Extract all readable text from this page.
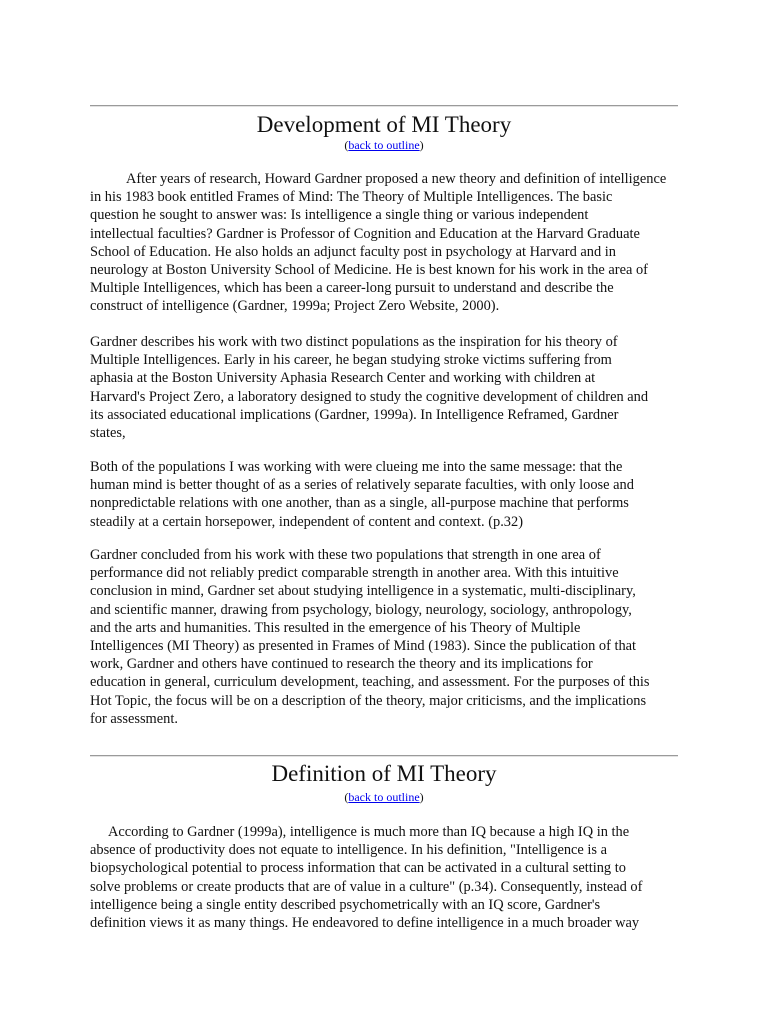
Development of MI Theory
(back to outline)

After years of research, Howard Gardner proposed a new theory and definition of intelligence
in his 1983 book entitled Frames of Mind: The Theory of Multiple Intelligences. The basic
question he sought to answer was: Is intelligence a single thing or various independent
intellectual faculties? Gardner is Professor of Cognition and Education at the Harvard Graduate
School of Education. He also holds an adjunct faculty post in psychology at Harvard and in
neurology at Boston University School of Medicine. He is best known for his work in the area of
Multiple Intelligences, which has been a career-long pursuit to understand and describe the
construct of intelligence (Gardner, 1999a; Project Zero Website, 2000).

Gardner describes his work with two distinct populations as the inspiration for his theory of
Multiple Intelligences. Early in his career, he began studying stroke victims suffering from
aphasia at the Boston University Aphasia Research Center and working with children at
Harvard's Project Zero, a laboratory designed to study the cognitive development of children and
its associated educational implications (Gardner, 1999a). In Intelligence Reframed, Gardner
states,

Both of the populations I was working with were clueing me into the same message: that the
human mind is better thought of as a series of relatively separate faculties, with only loose and
nonpredictable relations with one another, than as a single, all-purpose machine that performs
steadily at a certain horsepower, independent of content and context. (p.32)

Gardner concluded from his work with these two populations that strength in one area of
performance did not reliably predict comparable strength in another area. With this intuitive
conclusion in mind, Gardner set about studying intelligence in a systematic, multi-disciplinary,
and scientific manner, drawing from psychology, biology, neurology, sociology, anthropology,
and the arts and humanities. This resulted in the emergence of his Theory of Multiple
Intelligences (MI Theory) as presented in Frames of Mind (1983). Since the publication of that
work, Gardner and others have continued to research the theory and its implications for
education in general, curriculum development, teaching, and assessment. For the purposes of this
Hot Topic, the focus will be on a description of the theory, major criticisms, and the implications
for assessment.

Definition of MI Theory
(back to outline)

According to Gardner (1999a), intelligence is much more than IQ because a high IQ in the
absence of productivity does not equate to intelligence. In his definition, "Intelligence is a
biopsychological potential to process information that can be activated in a cultural setting to
solve problems or create products that are of value in a culture" (p.34). Consequently, instead of
intelligence being a single entity described psychometrically with an IQ score, Gardner's
definition views it as many things. He endeavored to define intelligence in a much broader way
